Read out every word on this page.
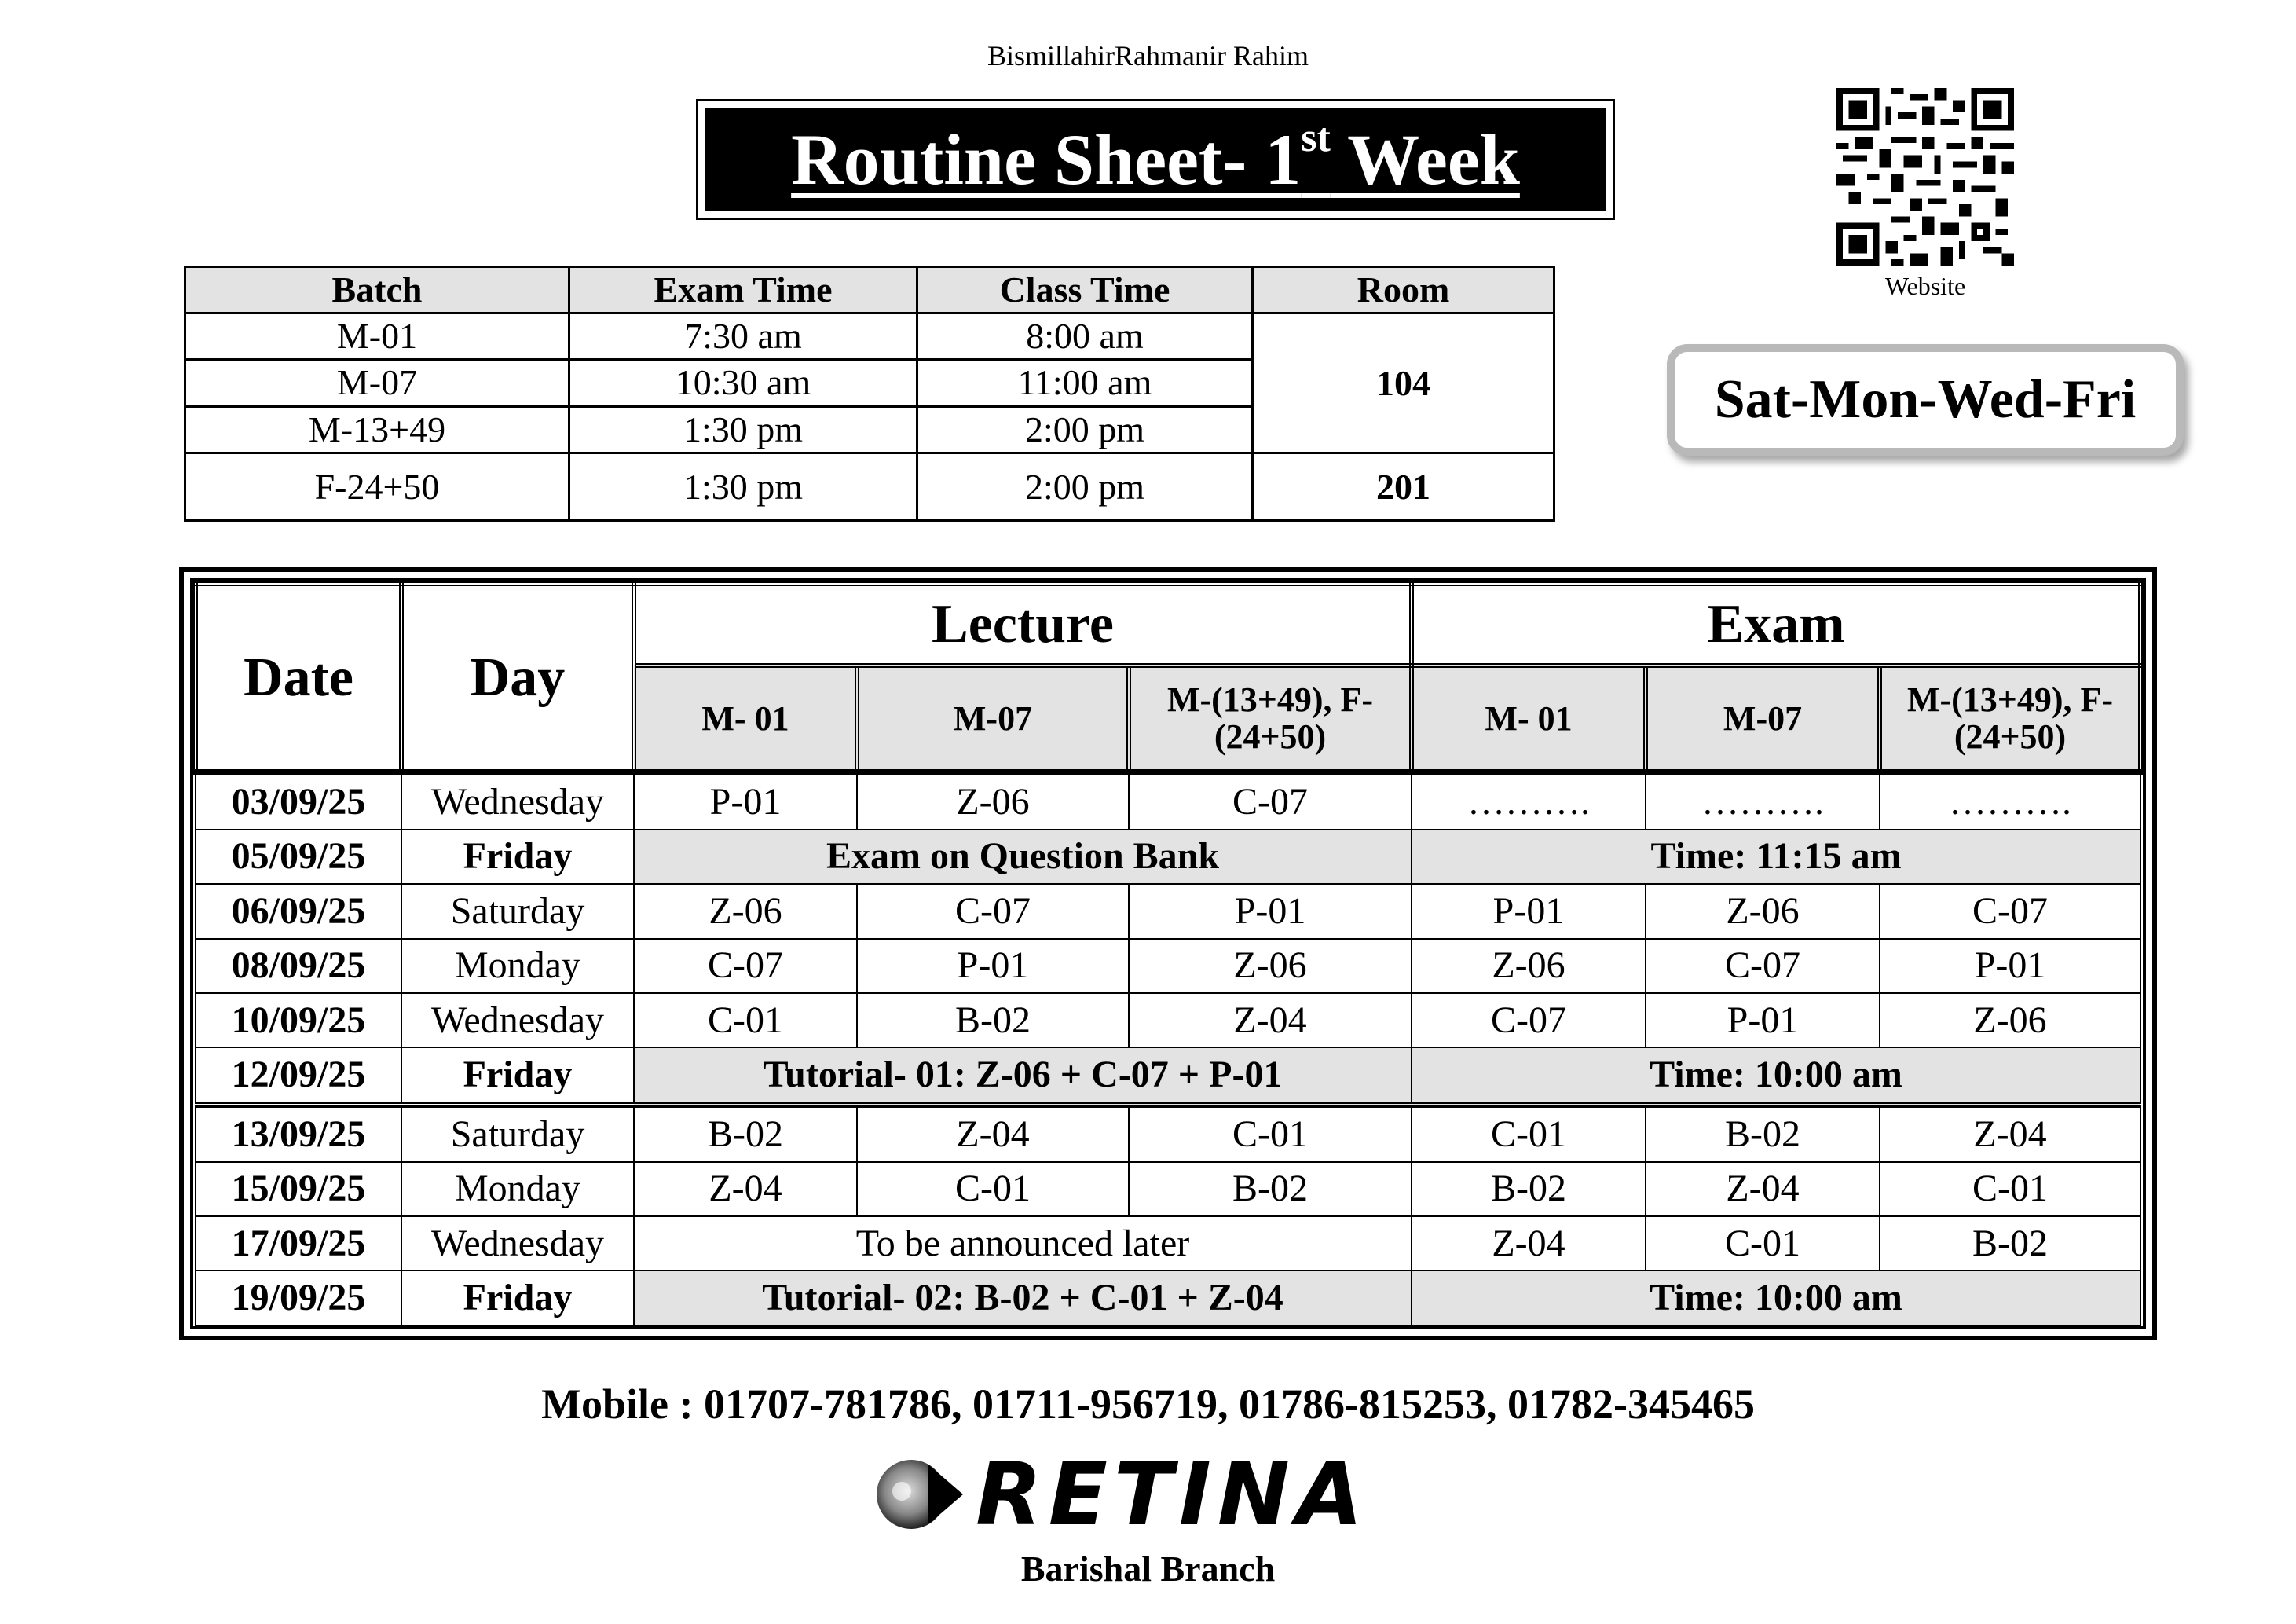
BismillahirRahmanir Rahim
Routine Sheet- 1st Week
Website
Sat-Mon-Wed-Fri
Batch	Exam Time	Class Time	Room
M-01	7:30 am	8:00 am	104
M-07	10:30 am	11:00 am	
M-13+49	1:30 pm	2:00 pm	
F-24+50	1:30 pm	2:00 pm	201
Date	Day	Lecture			Exam		
		M- 01	M-07	M-(13+49), F-(24+50)	M- 01	M-07	M-(13+49), F-(24+50)
03/09/25	Wednesday	P-01	Z-06	C-07	……….	……….	……….
05/09/25	Friday	Exam on Question Bank			Time: 11:15 am		
06/09/25	Saturday	Z-06	C-07	P-01	P-01	Z-06	C-07
08/09/25	Monday	C-07	P-01	Z-06	Z-06	C-07	P-01
10/09/25	Wednesday	C-01	B-02	Z-04	C-07	P-01	Z-06
12/09/25	Friday	Tutorial- 01: Z-06 + C-07 + P-01			Time: 10:00 am		
13/09/25	Saturday	B-02	Z-04	C-01	C-01	B-02	Z-04
15/09/25	Monday	Z-04	C-01	B-02	B-02	Z-04	C-01
17/09/25	Wednesday	To be announced later			Z-04	C-01	B-02
19/09/25	Friday	Tutorial- 02: B-02 + C-01 + Z-04			Time: 10:00 am		
Mobile : 01707-781786, 01711-956719, 01786-815253, 01782-345465
RETINA
Barishal Branch
